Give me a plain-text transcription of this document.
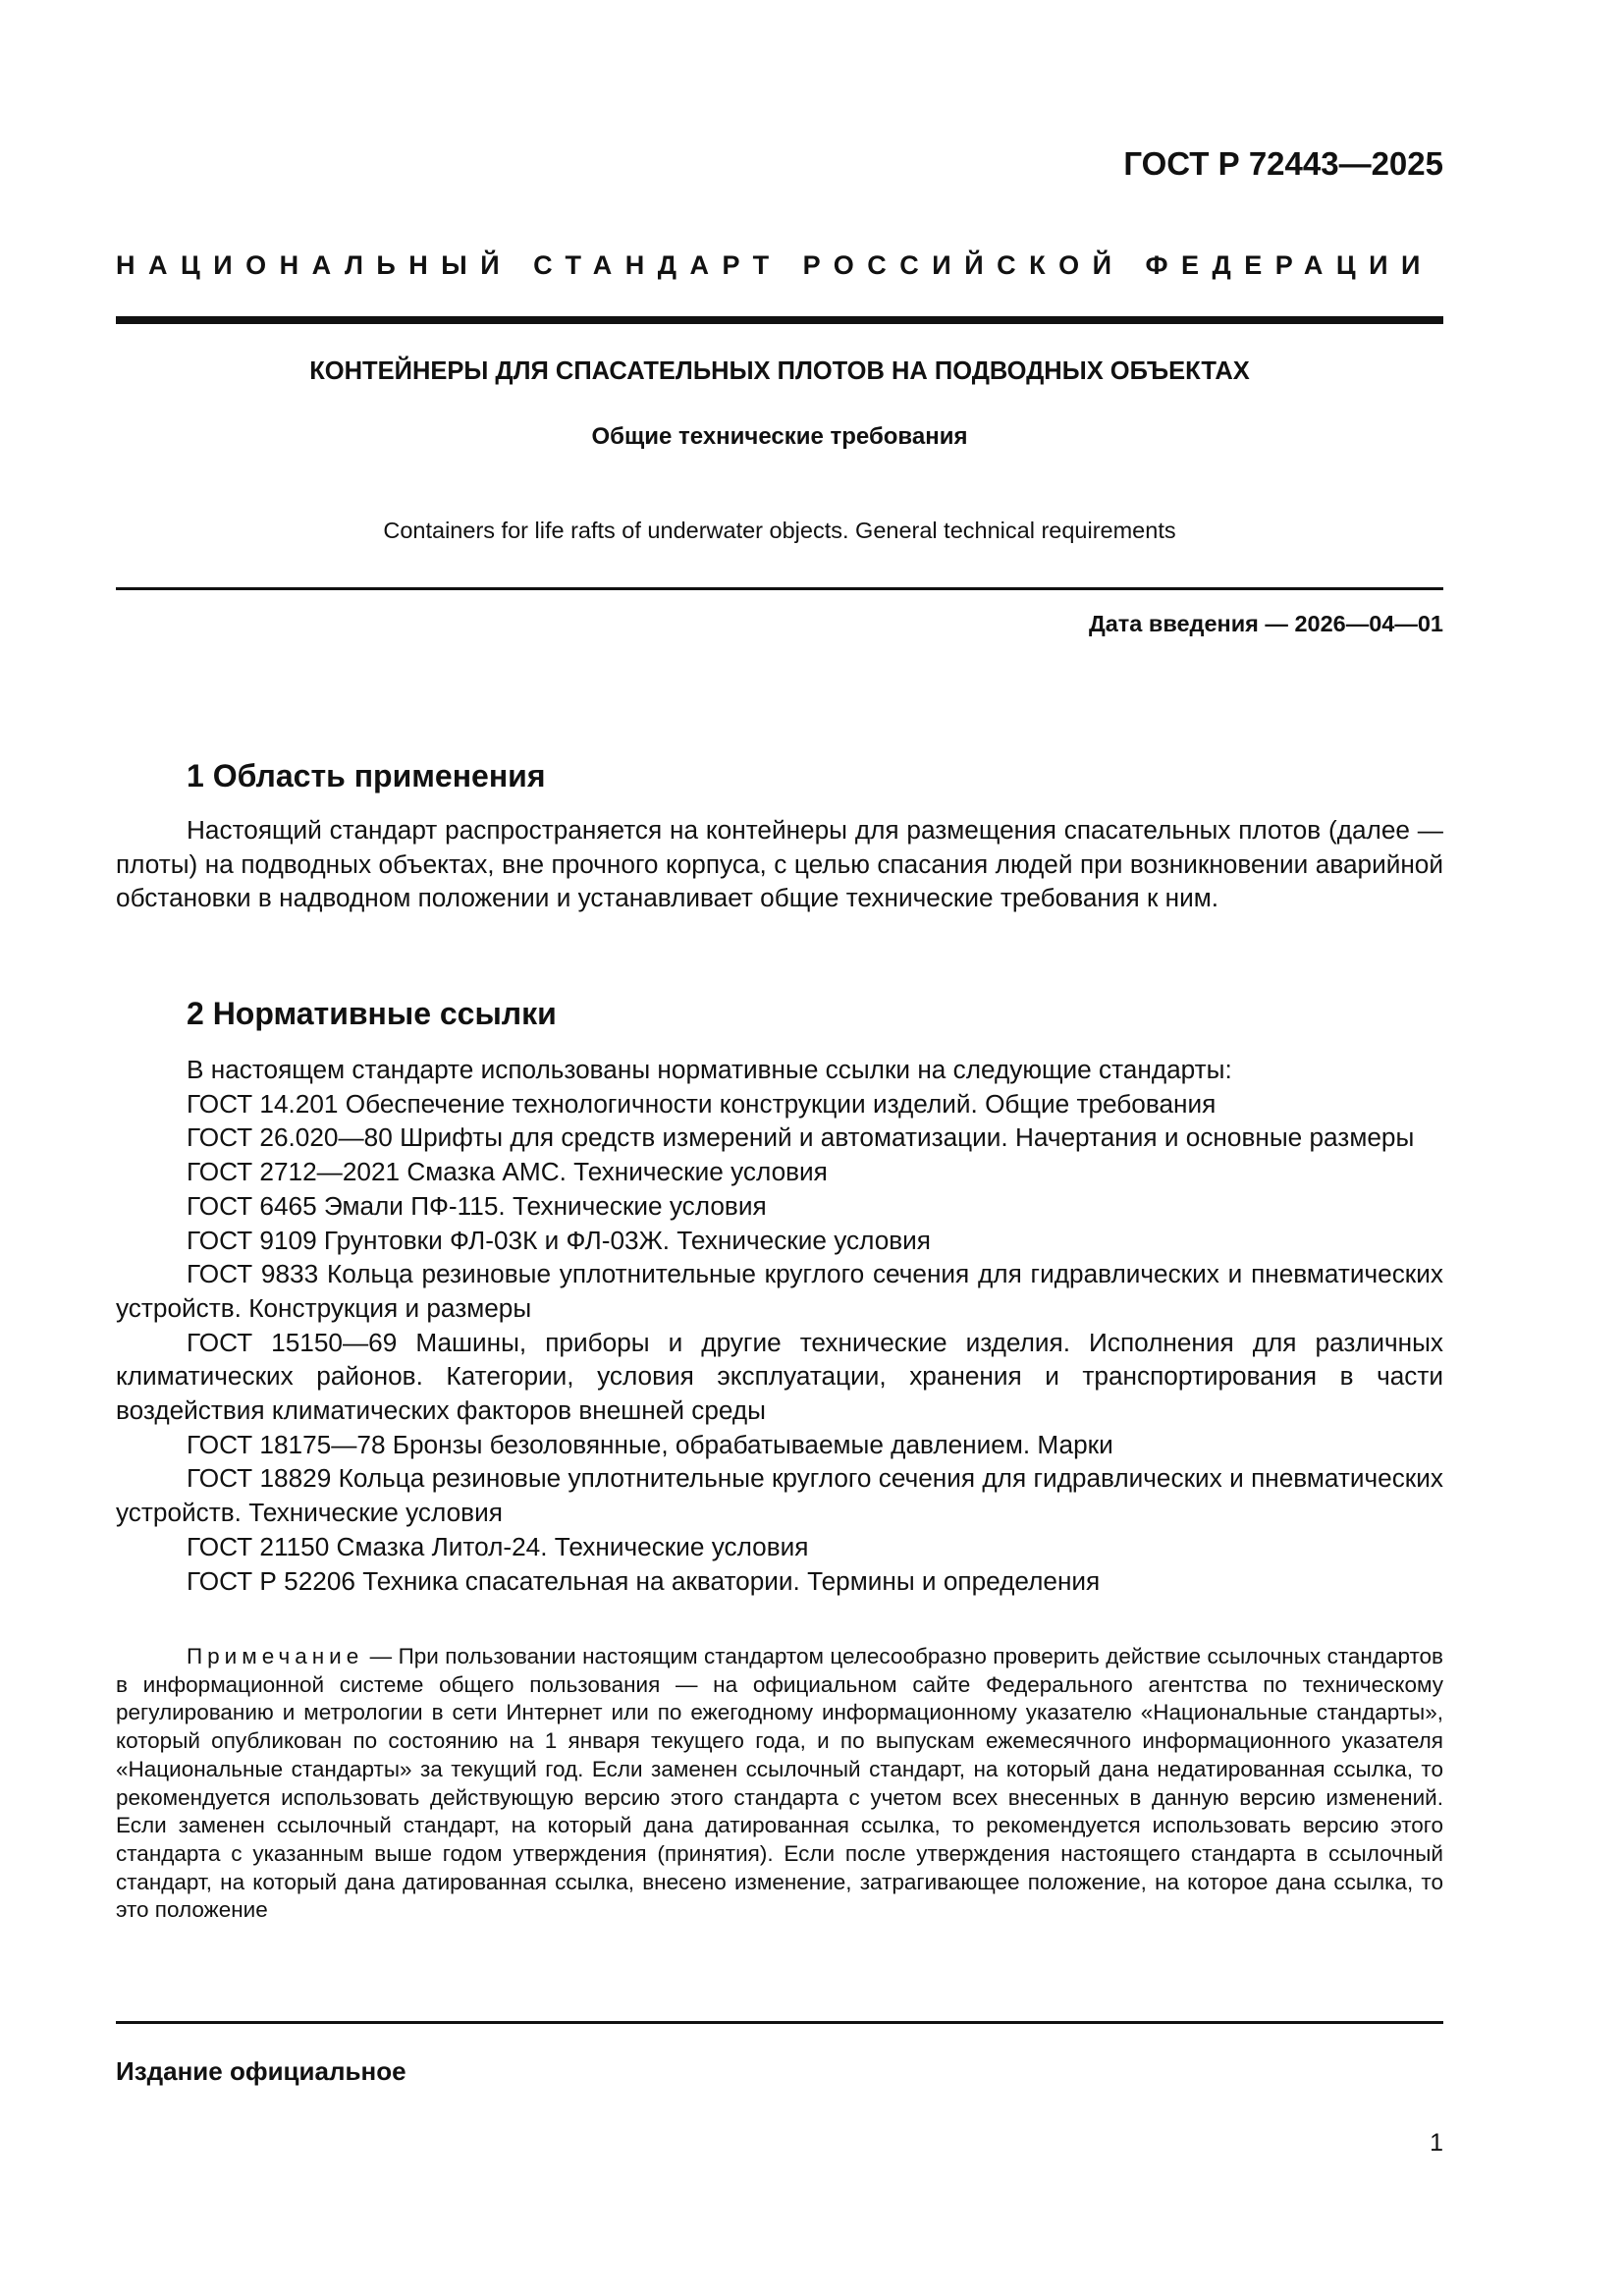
ГОСТ Р 72443—2025
НАЦИОНАЛЬНЫЙ СТАНДАРТ РОССИЙСКОЙ ФЕДЕРАЦИИ
КОНТЕЙНЕРЫ ДЛЯ СПАСАТЕЛЬНЫХ ПЛОТОВ НА ПОДВОДНЫХ ОБЪЕКТАХ
Общие технические требования
Containers for life rafts of underwater objects. General technical requirements
Дата введения — 2026—04—01
1 Область применения

Настоящий стандарт распространяется на контейнеры для размещения спасательных плотов (далее — плоты) на подводных объектах, вне прочного корпуса, с целью спасания людей при возникновении аварийной обстановки в надводном положении и устанавливает общие технические требования к ним.

2 Нормативные ссылки

В настоящем стандарте использованы нормативные ссылки на следующие стандарты:

ГОСТ 14.201 Обеспечение технологичности конструкции изделий. Общие требования

ГОСТ 26.020—80 Шрифты для средств измерений и автоматизации. Начертания и основные размеры

ГОСТ 2712—2021 Смазка АМС. Технические условия

ГОСТ 6465 Эмали ПФ-115. Технические условия

ГОСТ 9109 Грунтовки ФЛ-03К и ФЛ-03Ж. Технические условия

ГОСТ 9833 Кольца резиновые уплотнительные круглого сечения для гидравлических и пневматических устройств. Конструкция и размеры

ГОСТ 15150—69 Машины, приборы и другие технические изделия. Исполнения для различных климатических районов. Категории, условия эксплуатации, хранения и транспортирования в части воздействия климатических факторов внешней среды

ГОСТ 18175—78 Бронзы безоловянные, обрабатываемые давлением. Марки

ГОСТ 18829 Кольца резиновые уплотнительные круглого сечения для гидравлических и пневматических устройств. Технические условия

ГОСТ 21150 Смазка Литол-24. Технические условия

ГОСТ Р 52206 Техника спасательная на акватории. Термины и определения

Примечание — При пользовании настоящим стандартом целесообразно проверить действие ссылочных стандартов в информационной системе общего пользования — на официальном сайте Федерального агентства по техническому регулированию и метрологии в сети Интернет или по ежегодному информационному указателю «Национальные стандарты», который опубликован по состоянию на 1 января текущего года, и по выпускам ежемесячного информационного указателя «Национальные стандарты» за текущий год. Если заменен ссылочный стандарт, на который дана недатированная ссылка, то рекомендуется использовать действующую версию этого стандарта с учетом всех внесенных в данную версию изменений. Если заменен ссылочный стандарт, на который дана датированная ссылка, то рекомендуется использовать версию этого стандарта с указанным выше годом утверждения (принятия). Если после утверждения настоящего стандарта в ссылочный стандарт, на который дана датированная ссылка, внесено изменение, затрагивающее положение, на которое дана ссылка, то это положение
Издание официальное
1
